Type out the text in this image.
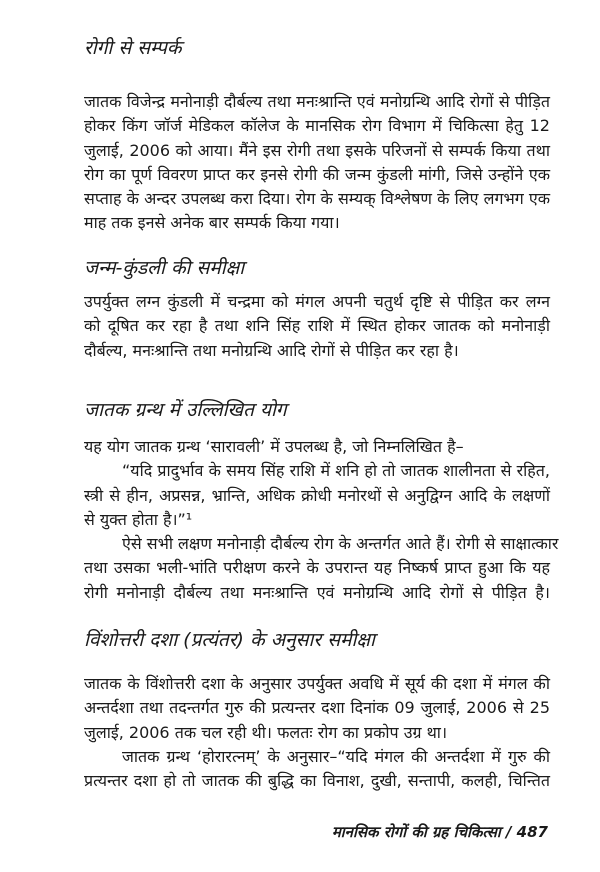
रोगी से सम्पर्क
जातक विजेन्द्र मनोनाड़ी दौर्बल्य तथा मनःश्रान्ति एवं मनोग्रन्थि आदि रोगों से पीड़ित
होकर किंग जॉर्ज मेडिकल कॉलेज के मानसिक रोग विभाग में चिकित्सा हेतु 12
जुलाई, 2006 को आया। मैंने इस रोगी तथा इसके परिजनों से सम्पर्क किया तथा
रोग का पूर्ण विवरण प्राप्त कर इनसे रोगी की जन्म कुंडली मांगी, जिसे उन्होंने एक
सप्ताह के अन्दर उपलब्ध करा दिया। रोग के सम्यक् विश्लेषण के लिए लगभग एक
माह तक इनसे अनेक बार सम्पर्क किया गया।
जन्म-कुंडली की समीक्षा
उपर्युक्त लग्न कुंडली में चन्द्रमा को मंगल अपनी चतुर्थ दृष्टि से पीड़ित कर लग्न
को दूषित कर रहा है तथा शनि सिंह राशि में स्थित होकर जातक को मनोनाड़ी
दौर्बल्य, मनःश्रान्ति तथा मनोग्रन्थि आदि रोगों से पीड़ित कर रहा है।
जातक ग्रन्थ में उल्लिखित योग
यह योग जातक ग्रन्थ ‘सारावली’ में उपलब्ध है, जो निम्नलिखित है–
“यदि प्रादुर्भाव के समय सिंह राशि में शनि हो तो जातक शालीनता से रहित,
स्त्री से हीन, अप्रसन्न, भ्रान्ति, अधिक क्रोधी मनोरथों से अनुद्विग्न आदि के लक्षणों
से युक्त होता है।”¹
ऐसे सभी लक्षण मनोनाड़ी दौर्बल्य रोग के अन्तर्गत आते हैं। रोगी से साक्षात्कार
तथा उसका भली-भांति परीक्षण करने के उपरान्त यह निष्कर्ष प्राप्त हुआ कि यह
रोगी मनोनाड़ी दौर्बल्य तथा मनःश्रान्ति एवं मनोग्रन्थि आदि रोगों से पीड़ित है।
विंशोत्तरी दशा (प्रत्यंतर) के अनुसार समीक्षा
जातक के विंशोत्तरी दशा के अनुसार उपर्युक्त अवधि में सूर्य की दशा में मंगल की
अन्तर्दशा तथा तदन्तर्गत गुरु की प्रत्यन्तर दशा दिनांक 09 जुलाई, 2006 से 25
जुलाई, 2006 तक चल रही थी। फलतः रोग का प्रकोप उग्र था।
जातक ग्रन्थ ‘होरारत्नम्’ के अनुसार–“यदि मंगल की अन्तर्दशा में गुरु की
प्रत्यन्तर दशा हो तो जातक की बुद्धि का विनाश, दुखी, सन्तापी, कलही, चिन्तित
मानसिक रोगों की ग्रह चिकित्सा / 487
